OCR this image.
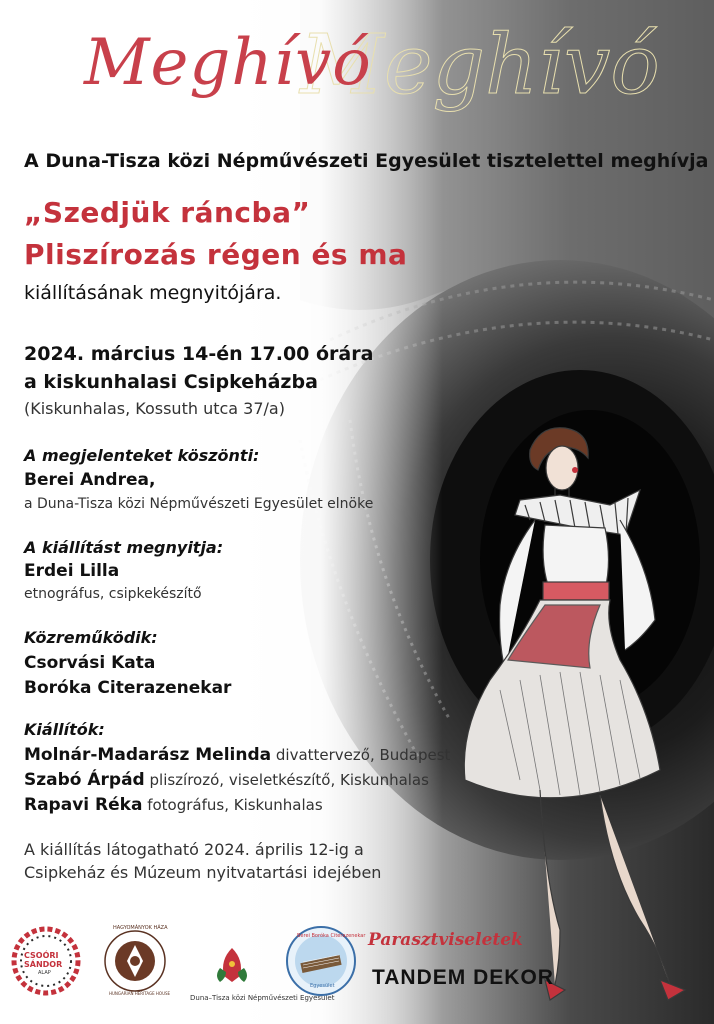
Meghívó
Meghívó
A Duna-Tisza közi Népművészeti Egyesület tisztelettel meghívja
„Szedjük ráncba”
Pliszírozás régen és ma
kiállításának megnyitójára.
2024. március 14-én 17.00 órára
a kiskunhalasi Csipkeházba
(Kiskunhalas, Kossuth utca 37/a)
A megjelenteket köszönti:
Berei Andrea,
a Duna-Tisza közi Népművészeti Egyesület elnöke
A kiállítást megnyitja:
Erdei Lilla
etnográfus, csipkekészítő
Közreműködik:
Csorvási Kata
Boróka Citerazenekar
Kiállítók:
Molnár-Madarász Melinda divattervező, Budapest
Szabó Árpád pliszírozó, viseletkészítő, Kiskunhalas
Rapavi Réka fotográfus, Kiskunhalas
A kiállítás látogatható 2024. április 12-ig a
Csipkeház és Múzeum nyitvatartási idejében
CSOÓRI
SÁNDOR
ALAP
HAGYOMÁNYOK HÁZA
HUNGARIAN HERITAGE HOUSE
Duna–Tisza közi Népművészeti Egyesület
Berei Boróka Citerazenekar
Egyesület
Parasztviseletek
TANDEM DEKOR
